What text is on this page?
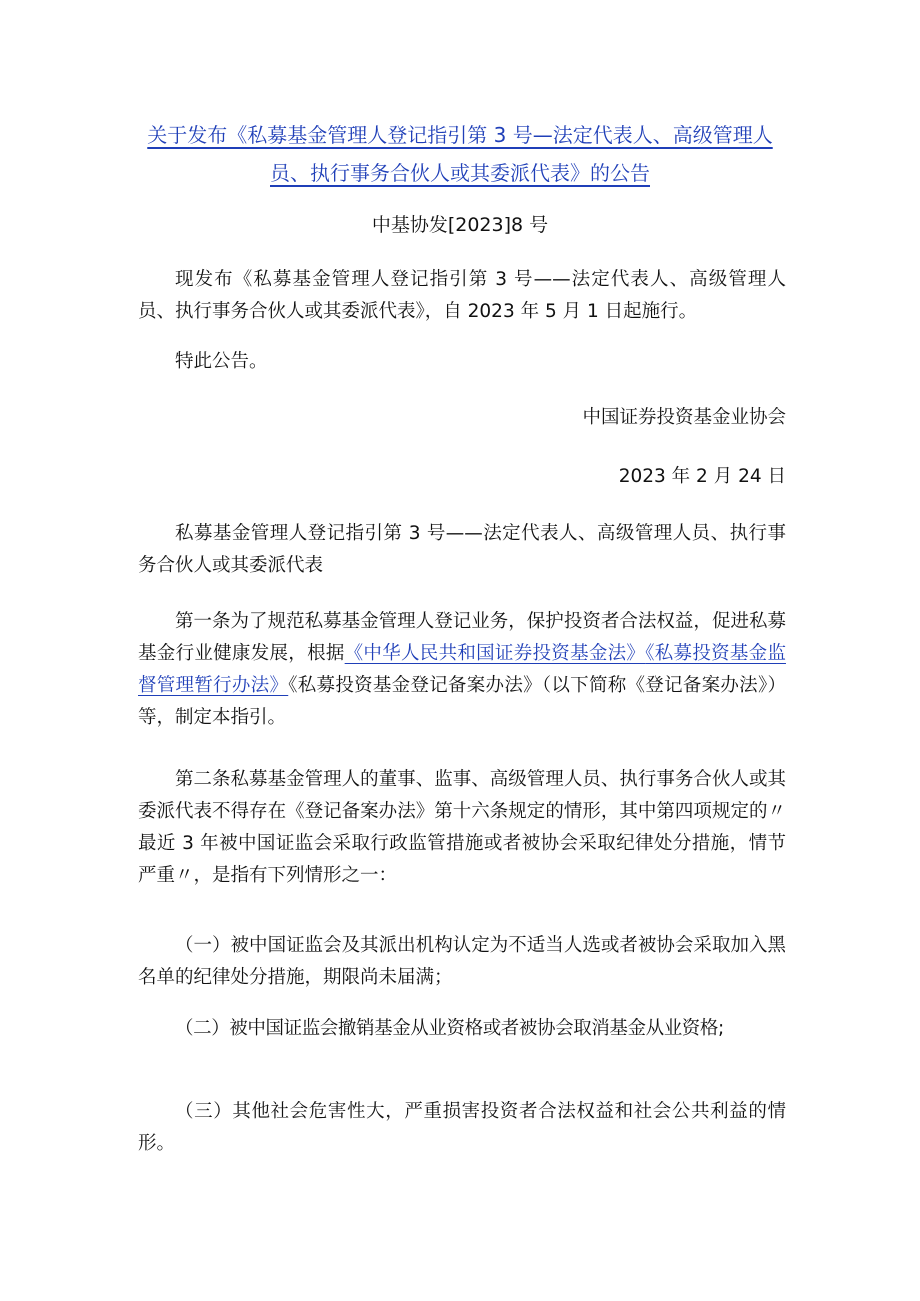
关于发布《私募基金管理人登记指引第 3 号—法定代表人、高级管理人员、执行事务合伙人或其委派代表》的公告
中基协发[2023]8 号

现发布《私募基金管理人登记指引第 3 号——法定代表人、高级管理人员、执行事务合伙人或其委派代表》，自 2023 年 5 月 1 日起施行。

特此公告。

中国证券投资基金业协会

2023 年 2 月 24 日

私募基金管理人登记指引第 3 号——法定代表人、高级管理人员、执行事务合伙人或其委派代表

第一条为了规范私募基金管理人登记业务，保护投资者合法权益，促进私募基金行业健康发展，根据《中华人民共和国证券投资基金法》《私募投资基金监督管理暂行办法》《私募投资基金登记备案办法》（以下简称《登记备案办法》）等，制定本指引。

第二条私募基金管理人的董事、监事、高级管理人员、执行事务合伙人或其委派代表不得存在《登记备案办法》第十六条规定的情形，其中第四项规定的〃最近 3 年被中国证监会采取行政监管措施或者被协会采取纪律处分措施，情节严重〃，是指有下列情形之一：

（一）被中国证监会及其派出机构认定为不适当人选或者被协会采取加入黑名单的纪律处分措施，期限尚未届满；

（二）被中国证监会撤销基金从业资格或者被协会取消基金从业资格;

（三）其他社会危害性大，严重损害投资者合法权益和社会公共利益的情形。
